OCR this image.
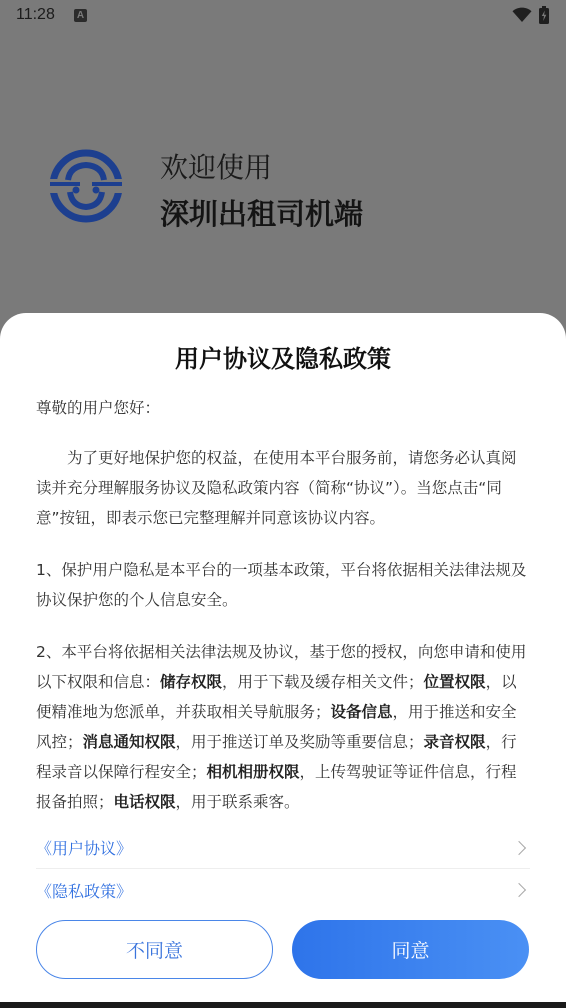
11:28 A
欢迎使用
深圳出租司机端
用户协议及隐私政策

尊敬的用户您好：

为了更好地保护您的权益，在使用本平台服务前，请您务必认真阅读并充分理解服务协议及隐私政策内容（简称“协议”）。当您点击“同意”按钮，即表示您已完整理解并同意该协议内容。

1、保护用户隐私是本平台的一项基本政策，平台将依据相关法律法规及协议保护您的个人信息安全。

2、本平台将依据相关法律法规及协议，基于您的授权，向您申请和使用以下权限和信息：储存权限，用于下载及缓存相关文件；位置权限，以便精准地为您派单，并获取相关导航服务；设备信息，用于推送和安全风控；消息通知权限，用于推送订单及奖励等重要信息；录音权限，行程录音以保障行程安全；相机相册权限，上传驾驶证等证件信息，行程报备拍照；电话权限，用于联系乘客。

《用户协议》
《隐私政策》
不同意	同意
